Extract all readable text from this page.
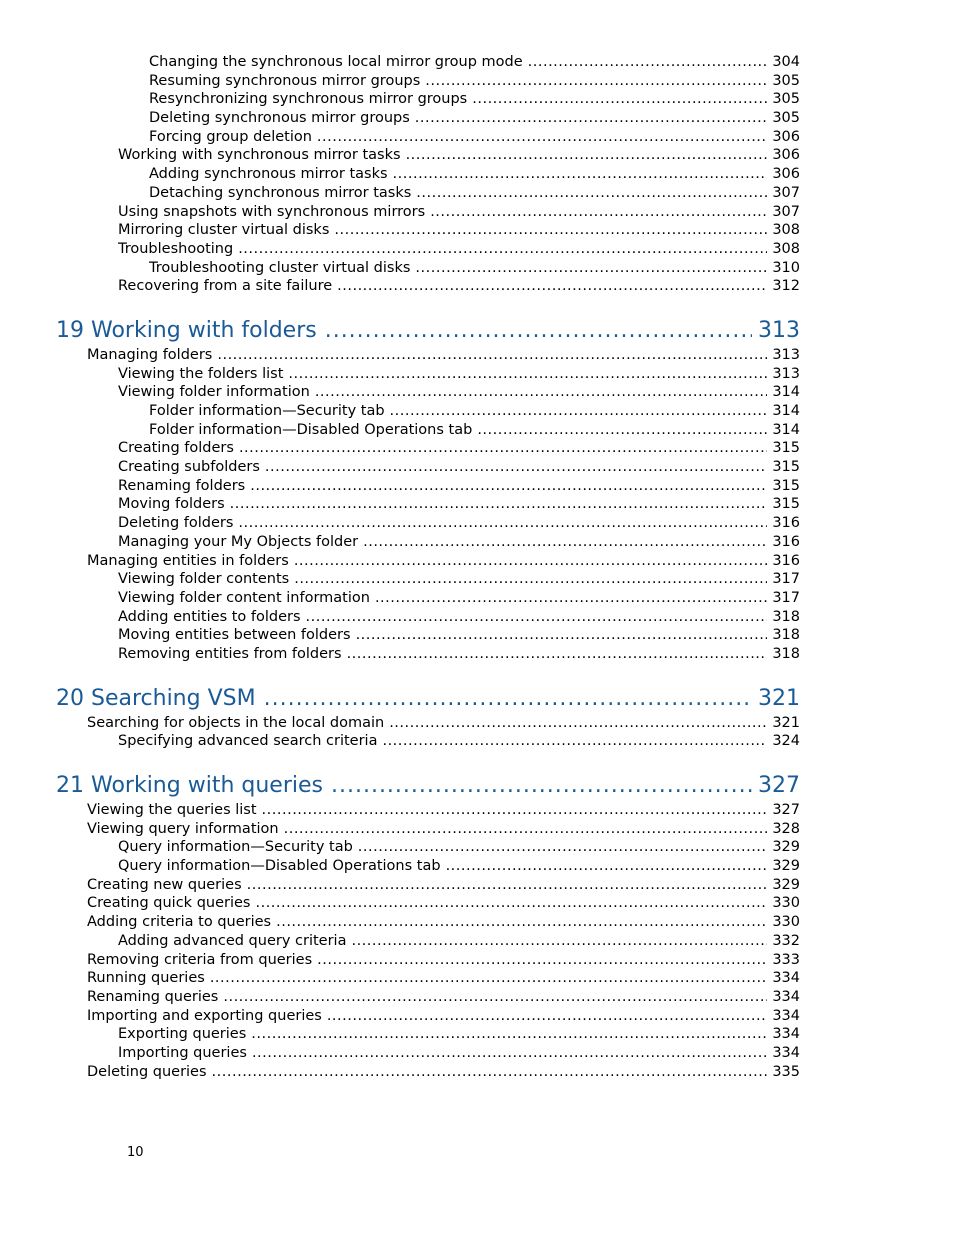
Changing the synchronous local mirror group mode .....	304
Resuming synchronous mirror groups .....	305
Resynchronizing synchronous mirror groups .....	305
Deleting synchronous mirror groups .....	305
Forcing group deletion .....	306
Working with synchronous mirror tasks .....	306
Adding synchronous mirror tasks .....	306
Detaching synchronous mirror tasks .....	307
Using snapshots with synchronous mirrors .....	307
Mirroring cluster virtual disks .....	308
Troubleshooting .....	308
Troubleshooting cluster virtual disks .....	310
Recovering from a site failure .....	312
19 Working with folders .....	313
Managing folders .....	313
Viewing the folders list .....	313
Viewing folder information .....	314
Folder information—Security tab .....	314
Folder information—Disabled Operations tab .....	314
Creating folders .....	315
Creating subfolders .....	315
Renaming folders .....	315
Moving folders .....	315
Deleting folders .....	316
Managing your My Objects folder .....	316
Managing entities in folders .....	316
Viewing folder contents .....	317
Viewing folder content information .....	317
Adding entities to folders .....	318
Moving entities between folders .....	318
Removing entities from folders .....	318
20 Searching VSM .....	321
Searching for objects in the local domain .....	321
Specifying advanced search criteria .....	324
21 Working with queries .....	327
Viewing the queries list .....	327
Viewing query information .....	328
Query information—Security tab .....	329
Query information—Disabled Operations tab .....	329
Creating new queries .....	329
Creating quick queries .....	330
Adding criteria to queries .....	330
Adding advanced query criteria .....	332
Removing criteria from queries .....	333
Running queries .....	334
Renaming queries .....	334
Importing and exporting queries .....	334
Exporting queries .....	334
Importing queries .....	334
Deleting queries .....	335
10
